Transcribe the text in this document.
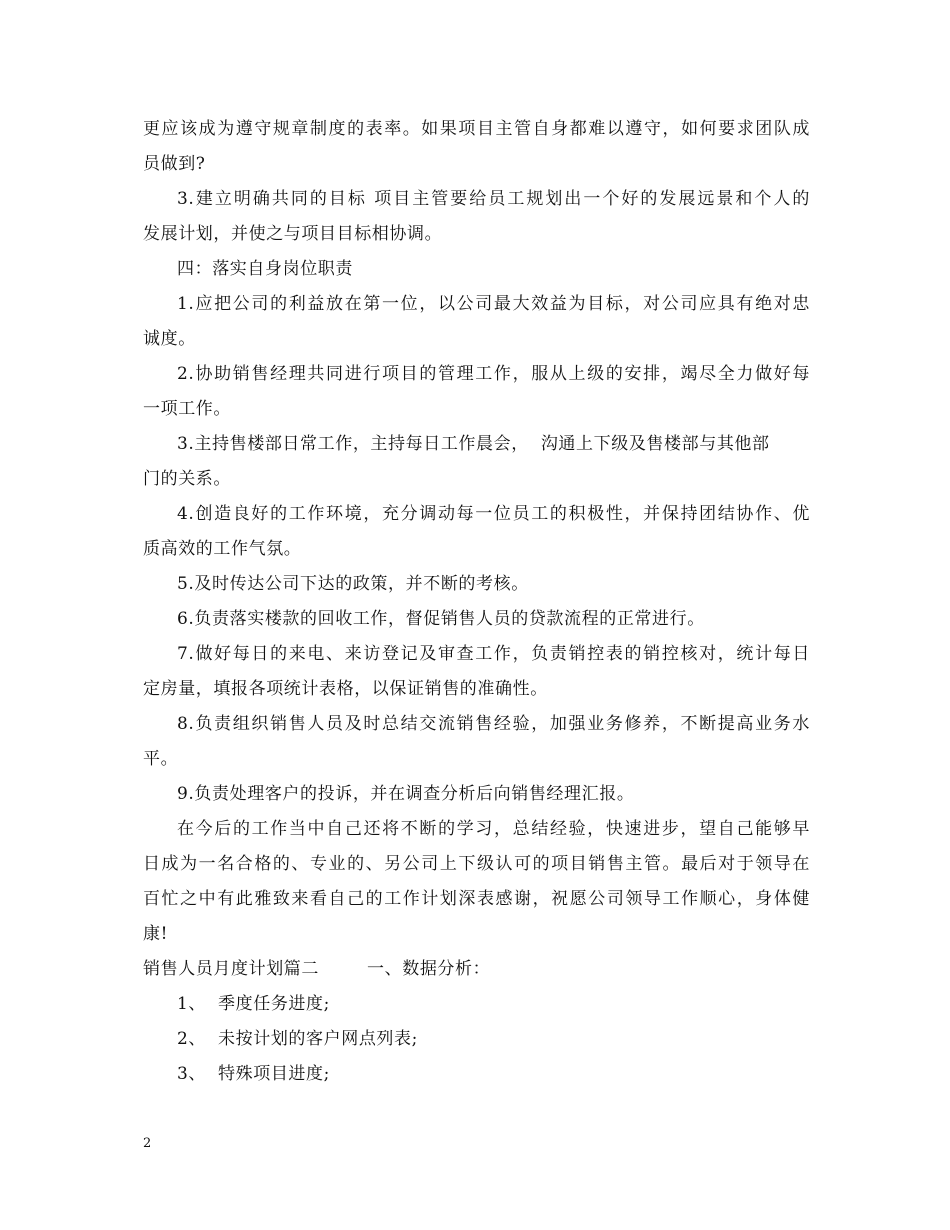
更应该成为遵守规章制度的表率。如果项目主管自身都难以遵守，如何要求团队成
员做到?
3.建立明确共同的目标 项目主管要给员工规划出一个好的发展远景和个人的
发展计划，并使之与项目目标相协调。
四：落实自身岗位职责
1.应把公司的利益放在第一位，以公司最大效益为目标，对公司应具有绝对忠
诚度。
2.协助销售经理共同进行项目的管理工作，服从上级的安排，竭尽全力做好每
一项工作。
3.主持售楼部日常工作，主持每日工作晨会，  沟通上下级及售楼部与其他部
门的关系。
4.创造良好的工作环境，充分调动每一位员工的积极性，并保持团结协作、优
质高效的工作气氛。
5.及时传达公司下达的政策，并不断的考核。
6.负责落实楼款的回收工作，督促销售人员的贷款流程的正常进行。
7.做好每日的来电、来访登记及审查工作，负责销控表的销控核对，统计每日
定房量，填报各项统计表格，以保证销售的准确性。
8.负责组织销售人员及时总结交流销售经验，加强业务修养，不断提高业务水
平。
9.负责处理客户的投诉，并在调查分析后向销售经理汇报。
在今后的工作当中自己还将不断的学习，总结经验，快速进步，望自己能够早
日成为一名合格的、专业的、另公司上下级认可的项目销售主管。最后对于领导在
百忙之中有此雅致来看自己的工作计划深表感谢，祝愿公司领导工作顺心，身体健
康!
销售人员月度计划篇二        一、数据分析：
1、  季度任务进度;
2、  未按计划的客户网点列表;
3、  特殊项目进度;
2
